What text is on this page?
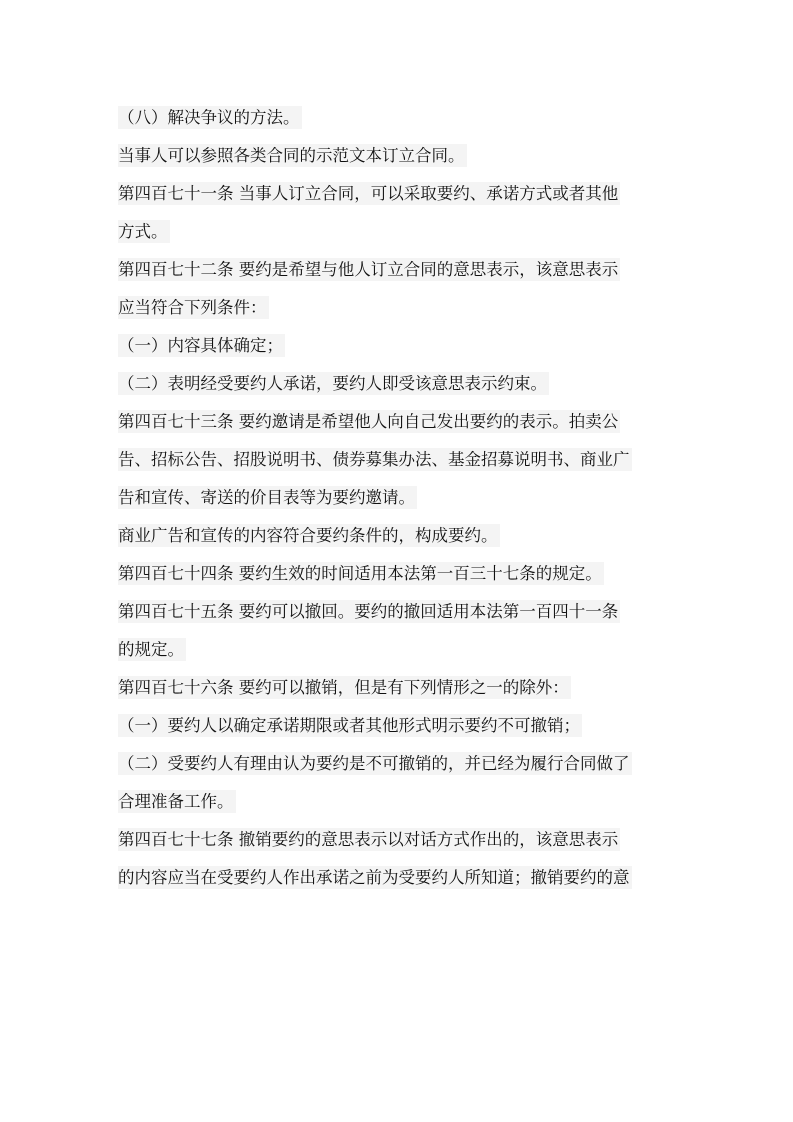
（八）解决争议的方法。
当事人可以参照各类合同的示范文本订立合同。
第四百七十一条 当事人订立合同，可以采取要约、承诺方式或者其他
方式。
第四百七十二条 要约是希望与他人订立合同的意思表示，该意思表示
应当符合下列条件：
（一）内容具体确定；
（二）表明经受要约人承诺，要约人即受该意思表示约束。
第四百七十三条 要约邀请是希望他人向自己发出要约的表示。拍卖公
告、招标公告、招股说明书、债券募集办法、基金招募说明书、商业广
告和宣传、寄送的价目表等为要约邀请。
商业广告和宣传的内容符合要约条件的，构成要约。
第四百七十四条 要约生效的时间适用本法第一百三十七条的规定。
第四百七十五条 要约可以撤回。要约的撤回适用本法第一百四十一条
的规定。
第四百七十六条 要约可以撤销，但是有下列情形之一的除外：
（一）要约人以确定承诺期限或者其他形式明示要约不可撤销；
（二）受要约人有理由认为要约是不可撤销的，并已经为履行合同做了
合理准备工作。
第四百七十七条 撤销要约的意思表示以对话方式作出的，该意思表示
的内容应当在受要约人作出承诺之前为受要约人所知道；撤销要约的意
